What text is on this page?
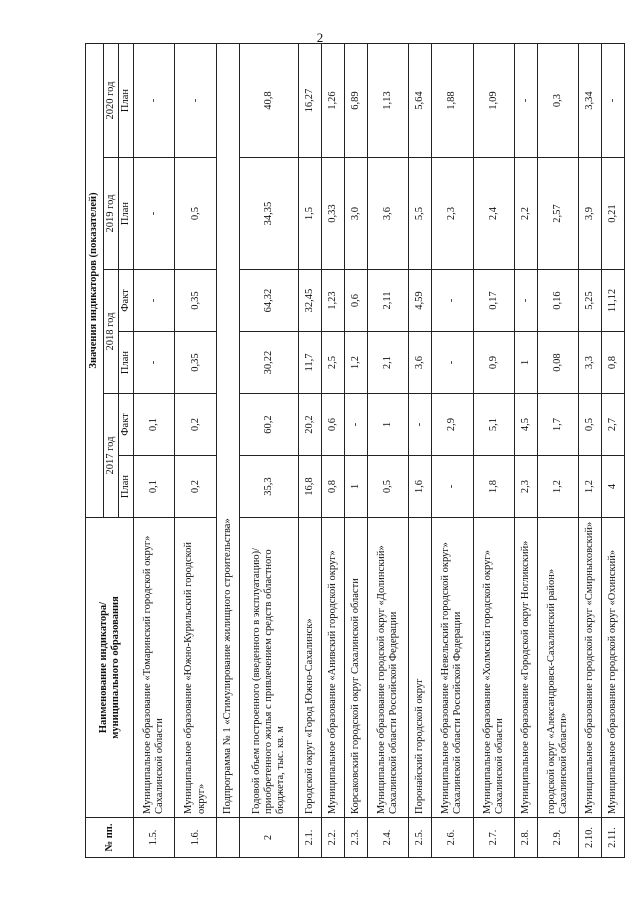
2
№ пп.	Наименование индикатора/ муниципального образования	Значения индикаторов (показателей)					
		2017 год		2018 год		2019 год	2020 год
		План	Факт	План	Факт	План	План
1.5.	Муниципальное образование «Томаринский городской округ» Сахалинской области	0,1	0,1	-	-	-	-
1.6.	Муниципальное образование «Южно-Курильский городской округ»	0,2	0,2	0,35	0,35	0,5	-
	Подпрограмма № 1 «Стимулирование жилищного строительства»						
2	Годовой объем построенного (введенного в эксплуатацию)/приобретенного жилья с привлечением средств областного бюджета, тыс. кв. м	35,3	60,2	30,22	64,32	34,35	40,8
2.1.	Городской округ «Город Южно-Сахалинск»	16,8	20,2	11,7	32,45	1,5	16,27
2.2.	Муниципальное образование «Анивский городской округ»	0,8	0,6	2,5	1,23	0,33	1,26
2.3.	Корсаковский городской округ Сахалинской области	1	-	1,2	0,6	3,0	6,89
2.4.	Муниципальное образование городской округ «Долинский» Сахалинской области Российской Федерации	0,5	1	2,1	2,11	3,6	1,13
2.5.	Поронайский городской округ	1,6	-	3,6	4,59	5,5	5,64
2.6.	Муниципальное образование «Невельский городской округ» Сахалинской области Российской Федерации	-	2,9	-	-	2,3	1,88
2.7.	Муниципальное образование «Холмский городской округ» Сахалинской области	1,8	5,1	0,9	0,17	2,4	1,09
2.8.	Муниципальное образование «Городской округ Ногликский»	2,3	4,5	1	-	2,2	-
2.9.	городской округ «Александровск-Сахалинский район» Сахалинской области»	1,2	1,7	0,08	0,16	2,57	0,3
2.10.	Муниципальное образование городской округ «Смирныховский»	1,2	0,5	3,3	5,25	3,9	3,34
2.11.	Муниципальное образование городской округ «Охинский»	4	2,7	0,8	11,12	0,21	-
